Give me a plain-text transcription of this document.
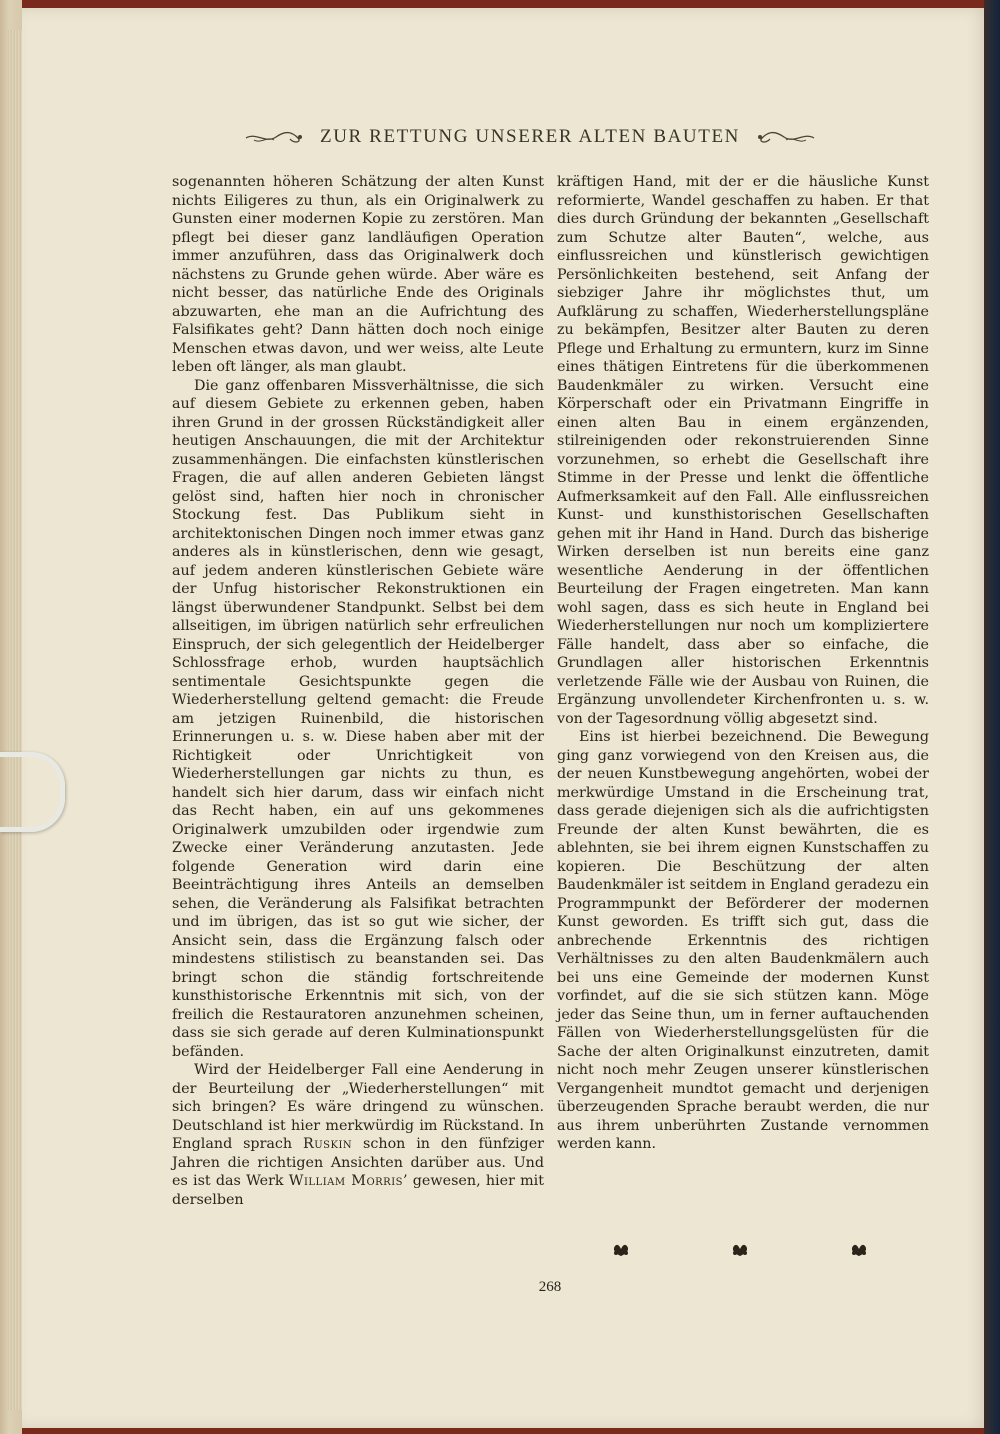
ZUR RETTUNG UNSERER ALTEN BAUTEN

sogenannten höheren Schätzung der alten Kunst nichts Eiligeres zu thun, als ein Originalwerk zu Gunsten einer modernen Kopie zu zerstören. Man pflegt bei dieser ganz landläufigen Operation immer anzuführen, dass das Originalwerk doch nächstens zu Grunde gehen würde. Aber wäre es nicht besser, das natürliche Ende des Originals abzuwarten, ehe man an die Aufrichtung des Falsifikates geht? Dann hätten doch noch einige Menschen etwas davon, und wer weiss, alte Leute leben oft länger, als man glaubt.

Die ganz offenbaren Missverhältnisse, die sich auf diesem Gebiete zu erkennen geben, haben ihren Grund in der grossen Rückständigkeit aller heutigen Anschauungen, die mit der Architektur zusammenhängen. Die einfachsten künstlerischen Fragen, die auf allen anderen Gebieten längst gelöst sind, haften hier noch in chronischer Stockung fest. Das Publikum sieht in architektonischen Dingen noch immer etwas ganz anderes als in künstlerischen, denn wie gesagt, auf jedem anderen künstlerischen Gebiete wäre der Unfug historischer Rekonstruktionen ein längst überwundener Standpunkt. Selbst bei dem allseitigen, im übrigen natürlich sehr erfreulichen Einspruch, der sich gelegentlich der Heidelberger Schlossfrage erhob, wurden hauptsächlich sentimentale Gesichtspunkte gegen die Wiederherstellung geltend gemacht: die Freude am jetzigen Ruinenbild, die historischen Erinnerungen u. s. w. Diese haben aber mit der Richtigkeit oder Unrichtigkeit von Wiederherstellungen gar nichts zu thun, es handelt sich hier darum, dass wir einfach nicht das Recht haben, ein auf uns gekommenes Originalwerk umzubilden oder irgendwie zum Zwecke einer Veränderung anzutasten. Jede folgende Generation wird darin eine Beeinträchtigung ihres Anteils an demselben sehen, die Veränderung als Falsifikat betrachten und im übrigen, das ist so gut wie sicher, der Ansicht sein, dass die Ergänzung falsch oder mindestens stilistisch zu beanstanden sei. Das bringt schon die ständig fortschreitende kunsthistorische Erkenntnis mit sich, von der freilich die Restauratoren anzunehmen scheinen, dass sie sich gerade auf deren Kulminationspunkt befänden.

Wird der Heidelberger Fall eine Aenderung in der Beurteilung der „Wiederherstellungen“ mit sich bringen? Es wäre dringend zu wünschen. Deutschland ist hier merkwürdig im Rückstand. In England sprach Ruskin schon in den fünfziger Jahren die richtigen Ansichten darüber aus. Und es ist das Werk William Morris’ gewesen, hier mit derselben

kräftigen Hand, mit der er die häusliche Kunst reformierte, Wandel geschaffen zu haben. Er that dies durch Gründung der bekannten „Gesellschaft zum Schutze alter Bauten“, welche, aus einflussreichen und künstlerisch gewichtigen Persönlichkeiten bestehend, seit Anfang der siebziger Jahre ihr möglichstes thut, um Aufklärung zu schaffen, Wiederherstellungspläne zu bekämpfen, Besitzer alter Bauten zu deren Pflege und Erhaltung zu ermuntern, kurz im Sinne eines thätigen Eintretens für die überkommenen Baudenkmäler zu wirken. Versucht eine Körperschaft oder ein Privatmann Eingriffe in einen alten Bau in einem ergänzenden, stilreinigenden oder rekonstruierenden Sinne vorzunehmen, so erhebt die Gesellschaft ihre Stimme in der Presse und lenkt die öffentliche Aufmerksamkeit auf den Fall. Alle einflussreichen Kunst- und kunsthistorischen Gesellschaften gehen mit ihr Hand in Hand. Durch das bisherige Wirken derselben ist nun bereits eine ganz wesentliche Aenderung in der öffentlichen Beurteilung der Fragen eingetreten. Man kann wohl sagen, dass es sich heute in England bei Wiederherstellungen nur noch um kompliziertere Fälle handelt, dass aber so einfache, die Grundlagen aller historischen Erkenntnis verletzende Fälle wie der Ausbau von Ruinen, die Ergänzung unvollendeter Kirchenfronten u. s. w. von der Tagesordnung völlig abgesetzt sind.

Eins ist hierbei bezeichnend. Die Bewegung ging ganz vorwiegend von den Kreisen aus, die der neuen Kunstbewegung angehörten, wobei der merkwürdige Umstand in die Erscheinung trat, dass gerade diejenigen sich als die aufrichtigsten Freunde der alten Kunst bewährten, die es ablehnten, sie bei ihrem eignen Kunstschaffen zu kopieren. Die Beschützung der alten Baudenkmäler ist seitdem in England geradezu ein Programmpunkt der Beförderer der modernen Kunst geworden. Es trifft sich gut, dass die anbrechende Erkenntnis des richtigen Verhältnisses zu den alten Baudenkmälern auch bei uns eine Gemeinde der modernen Kunst vorfindet, auf die sie sich stützen kann. Möge jeder das Seine thun, um in ferner auftauchenden Fällen von Wiederherstellungsgelüsten für die Sache der alten Originalkunst einzutreten, damit nicht noch mehr Zeugen unserer künstlerischen Vergangenheit mundtot gemacht und derjenigen überzeugenden Sprache beraubt werden, die nur aus ihrem unberührten Zustande vernommen werden kann.

268
